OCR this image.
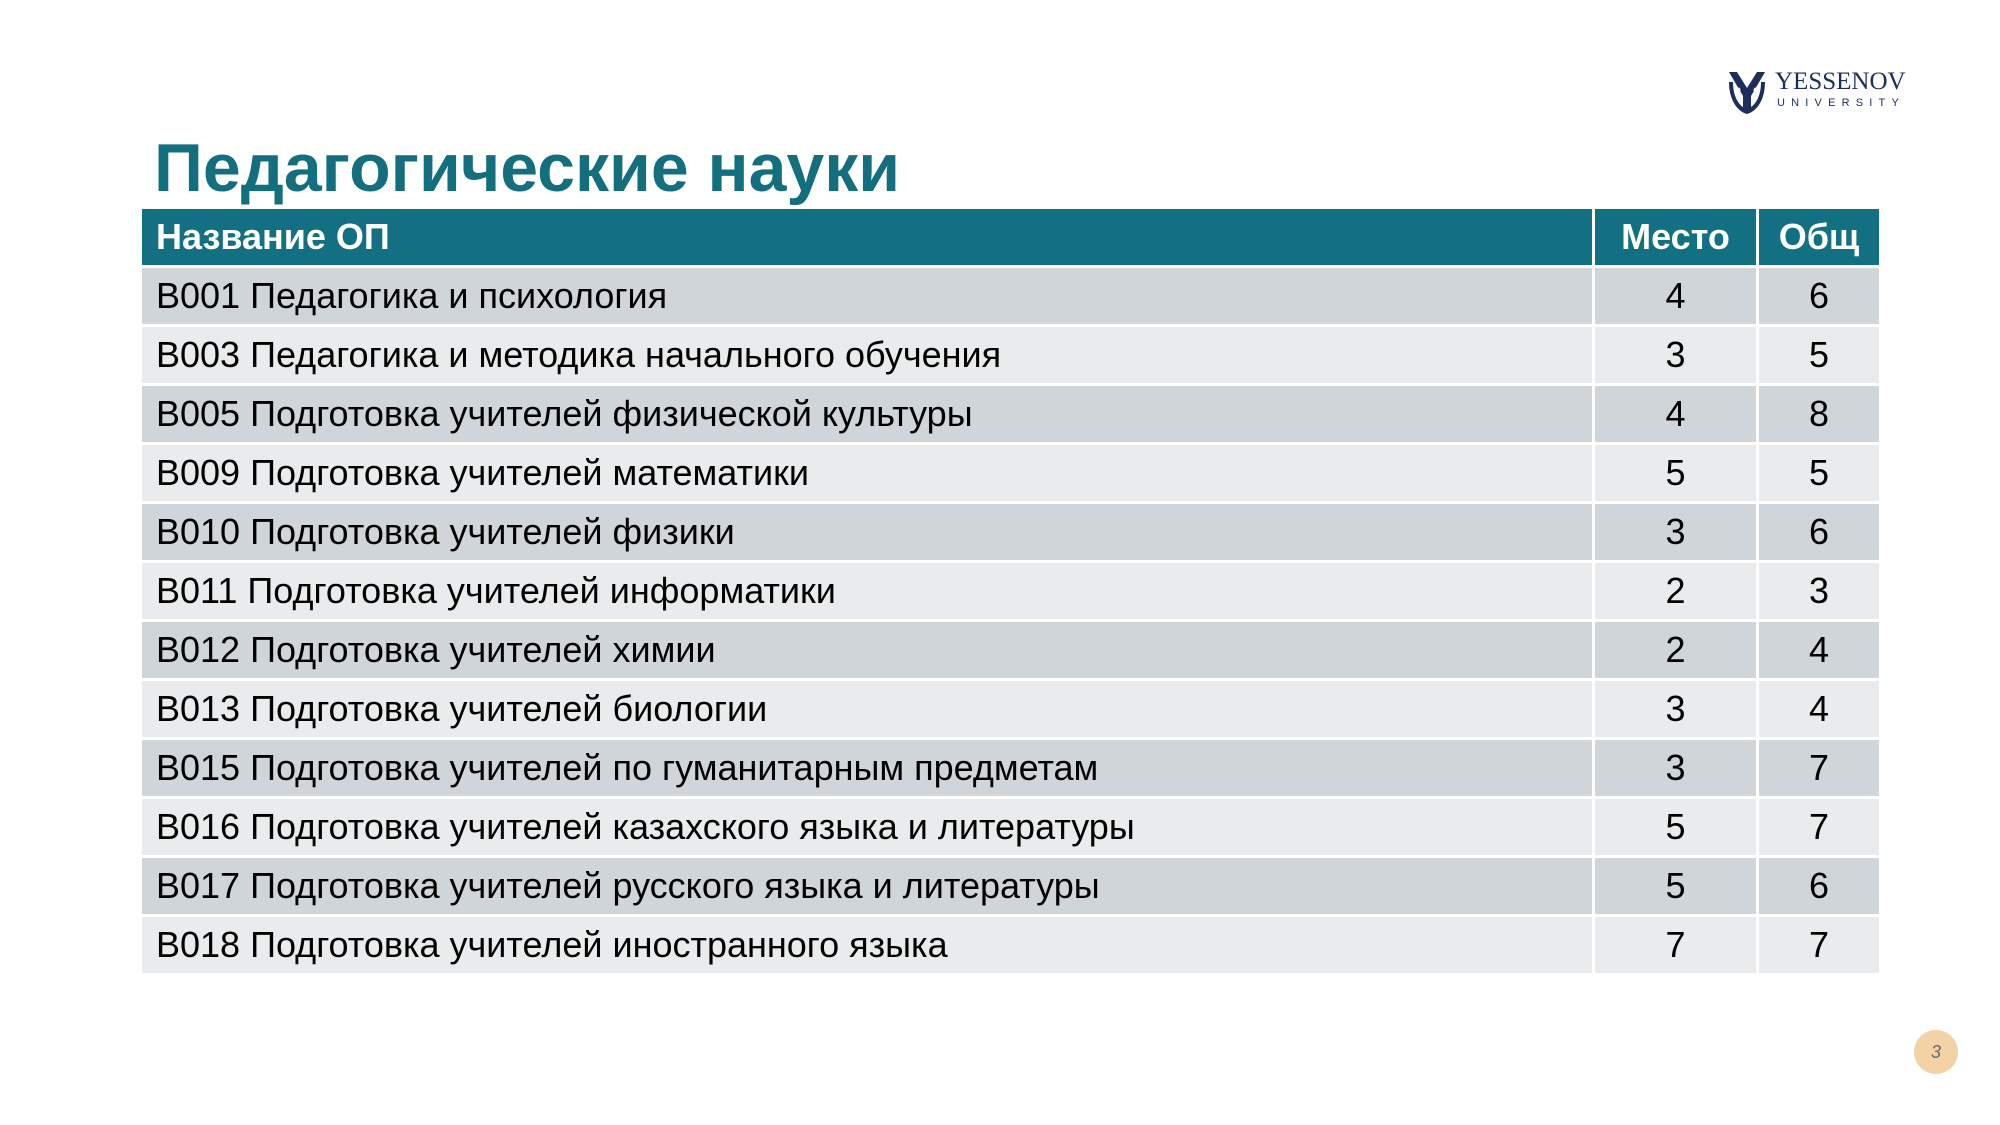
YESSENOV
UNIVERSITY
Педагогические науки
Название ОП	Место	Общ
B001 Педагогика и психология	4	6
B003 Педагогика и методика начального обучения	3	5
B005 Подготовка учителей физической культуры	4	8
B009 Подготовка учителей математики	5	5
B010 Подготовка учителей физики	3	6
B011 Подготовка учителей информатики	2	3
B012 Подготовка учителей химии	2	4
B013 Подготовка учителей биологии	3	4
B015 Подготовка учителей по гуманитарным предметам	3	7
B016 Подготовка учителей казахского языка и литературы	5	7
B017 Подготовка учителей русского языка и литературы	5	6
B018 Подготовка учителей иностранного языка	7	7
3
